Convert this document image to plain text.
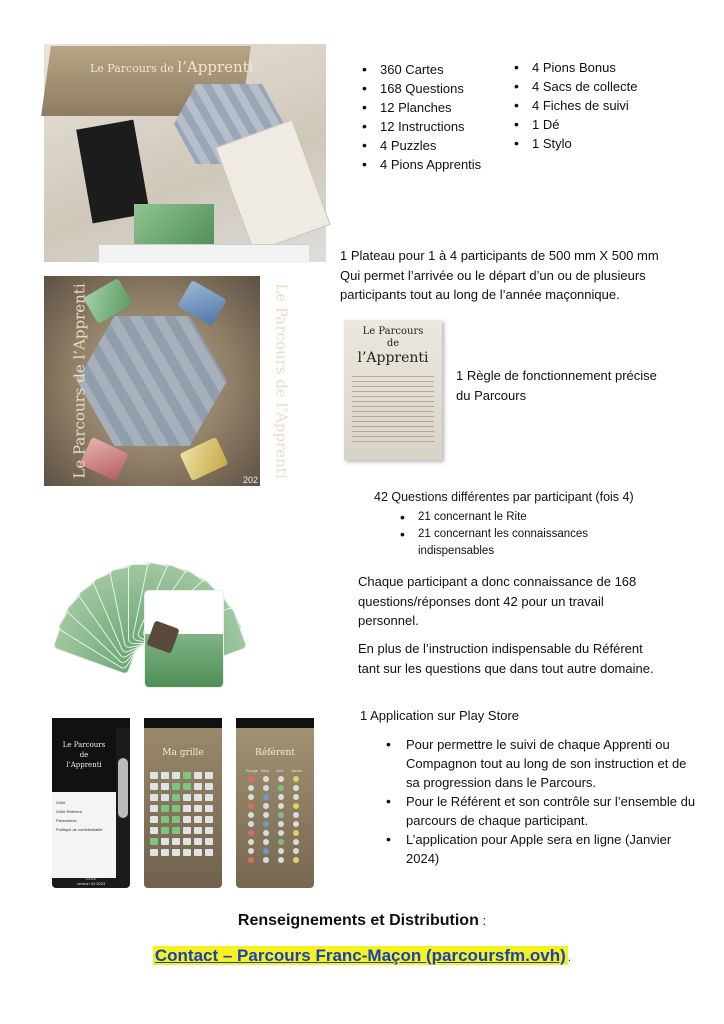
Le Parcours de l’Apprenti	• 360 Cartes
• 168 Questions
• 12 Planches
• 12 Instructions
• 4 Puzzles
• 4 Pions Apprentis
• 4 Pions Bonus
• 4 Sacs de collecte
• 4 Fiches de suivi
• 1 Dé
• 1 Stylo
1 Plateau pour 1 à 4 participants de 500 mm X 500 mm
Qui permet l’arrivée ou le départ d’un ou de plusieurs
participants tout au long de l’année maçonnique.
Le Parcours de l’Apprenti	Le Parcours de l’Apprenti
202
Le Parcours
de
l’Apprenti
1 Règle de fonctionnement précise
du Parcours
42 Questions différentes par participant (fois 4)
• 21 concernant le Rite
• 21 concernant les connaissances indispensables
Chaque participant a donc connaissance de 168
questions/réponses dont 42 pour un travail
personnel.
En plus de l’instruction indispensable du Référent
tant sur les questions que dans tout autre domaine.
Le Parcours
de
l’Apprenti
Grille
Grille Référent
Paramètres
Politique de confidentialité
GLRE
version 02.2023
Ma grille	Référent
Rouge Bleu Vert Jaune
1 Application sur Play Store
• Pour permettre le suivi de chaque Apprenti ou Compagnon tout au long de son instruction et de sa progression dans le Parcours.
• Pour le Référent et son contrôle sur l’ensemble du parcours de chaque participant.
• L’application pour Apple sera en ligne (Janvier 2024)
Renseignements et Distribution :
Contact – Parcours Franc-Maçon (parcoursfm.ovh) .
